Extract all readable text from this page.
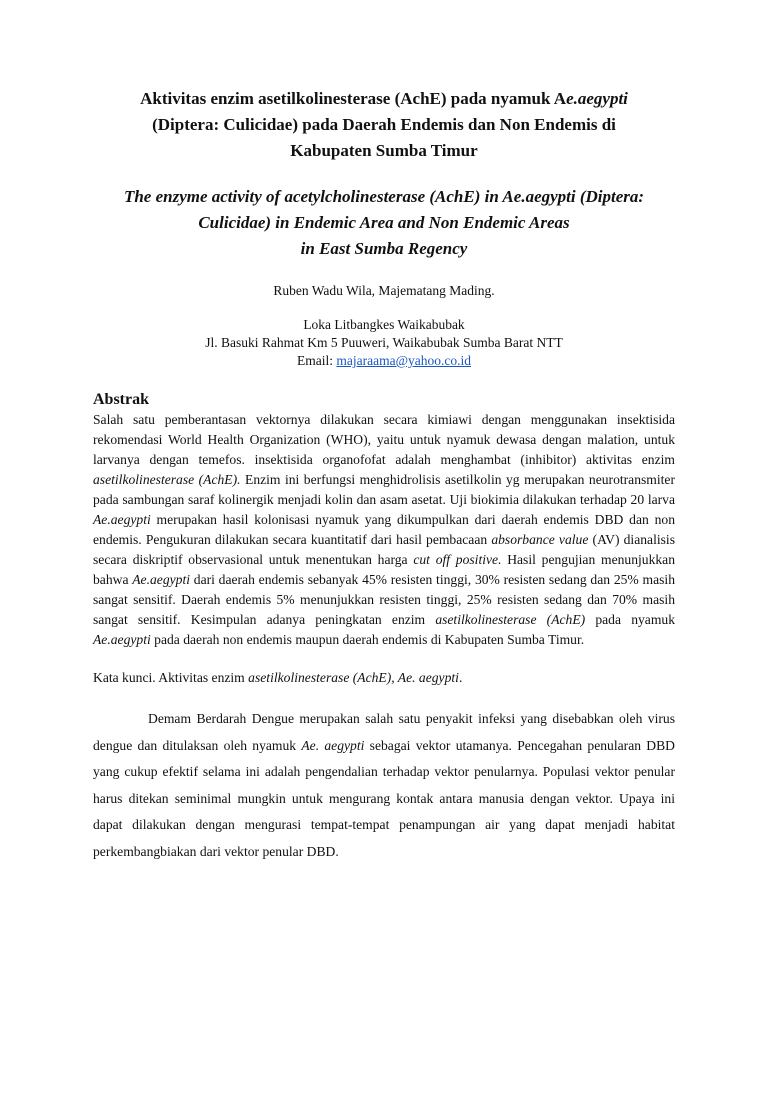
Aktivitas enzim asetilkolinesterase (AchE) pada nyamuk Ae.aegypti
(Diptera: Culicidae) pada Daerah Endemis dan Non Endemis di
Kabupaten Sumba Timur
The enzyme activity of acetylcholinesterase (AchE) in Ae.aegypti (Diptera:
Culicidae) in Endemic Area and Non Endemic Areas
in East Sumba Regency
Ruben Wadu Wila, Majematang Mading.
Loka Litbangkes Waikabubak
Jl. Basuki Rahmat Km 5 Puuweri, Waikabubak Sumba Barat NTT
Email: majaraama@yahoo.co.id
Abstrak

Salah satu pemberantasan vektornya dilakukan secara kimiawi dengan menggunakan insektisida rekomendasi World Health Organization (WHO), yaitu untuk nyamuk dewasa dengan malation, untuk larvanya dengan temefos. insektisida organofofat adalah menghambat (inhibitor) aktivitas enzim asetilkolinesterase (AchE). Enzim ini berfungsi menghidrolisis asetilkolin yg merupakan neurotransmiter pada sambungan saraf kolinergik menjadi kolin dan asam asetat. Uji biokimia dilakukan terhadap 20 larva Ae.aegypti merupakan hasil kolonisasi nyamuk yang dikumpulkan dari daerah endemis DBD dan non endemis. Pengukuran dilakukan secara kuantitatif dari hasil pembacaan absorbance value (AV) dianalisis secara diskriptif observasional untuk menentukan harga cut off positive. Hasil pengujian menunjukkan bahwa Ae.aegypti dari daerah endemis sebanyak 45% resisten tinggi, 30% resisten sedang dan 25% masih sangat sensitif. Daerah endemis 5% menunjukkan resisten tinggi, 25% resisten sedang dan 70% masih sangat sensitif. Kesimpulan adanya peningkatan enzim asetilkolinesterase (AchE) pada nyamuk Ae.aegypti pada daerah non endemis maupun daerah endemis di Kabupaten Sumba Timur.

Kata kunci. Aktivitas enzim asetilkolinesterase (AchE), Ae. aegypti.

Demam Berdarah Dengue merupakan salah satu penyakit infeksi yang disebabkan oleh virus dengue dan ditulaksan oleh nyamuk Ae. aegypti sebagai vektor utamanya. Pencegahan penularan DBD yang cukup efektif selama ini adalah pengendalian terhadap vektor penularnya. Populasi vektor penular harus ditekan seminimal mungkin untuk mengurang kontak antara manusia dengan vektor. Upaya ini dapat dilakukan dengan mengurasi tempat-tempat penampungan air yang dapat menjadi habitat perkembangbiakan dari vektor penular DBD.
